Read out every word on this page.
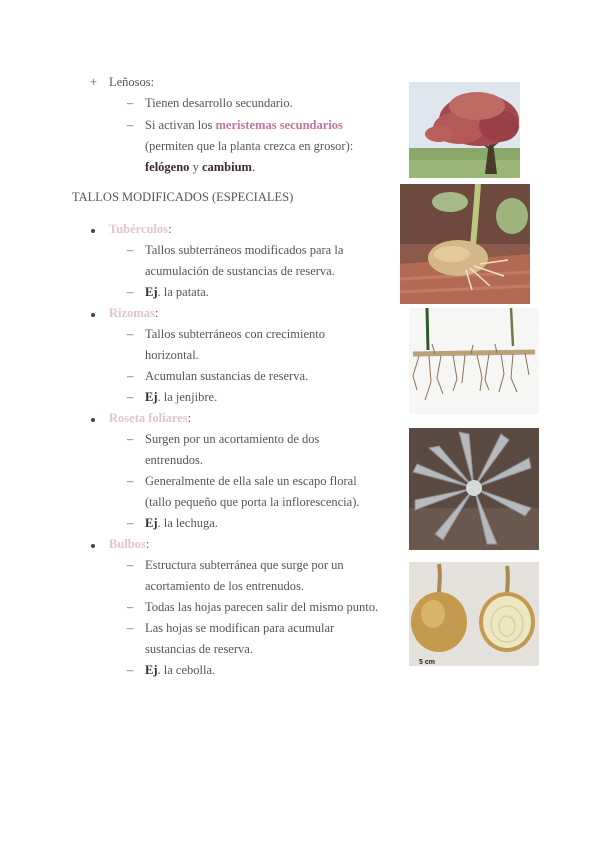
+ Leñosos:
– Tienen desarrollo secundario.
– Si activan los meristemas secundarios
(permiten que la planta crezca en grosor):
felógeno y cambium.
TALLOS MODIFICADOS (ESPECIALES)
Tubérculos:
– Tallos subterráneos modificados para la
acumulación de sustancias de reserva.
– Ej. la patata.
Rizomas:
– Tallos subterráneos con crecimiento
horizontal.
– Acumulan sustancias de reserva.
– Ej. la jenjibre.
Roseta foliares:
– Surgen por un acortamiento de dos
entrenudos.
– Generalmente de ella sale un escapo floral
(tallo pequeño que porta la inflorescencia).
– Ej. la lechuga.
Bulbos:
– Estructura subterránea que surge por un
acortamiento de los entrenudos.
– Todas las hojas parecen salir del mismo punto.
– Las hojas se modifican para acumular
sustancias de reserva.
– Ej. la cebolla.
5 cm
